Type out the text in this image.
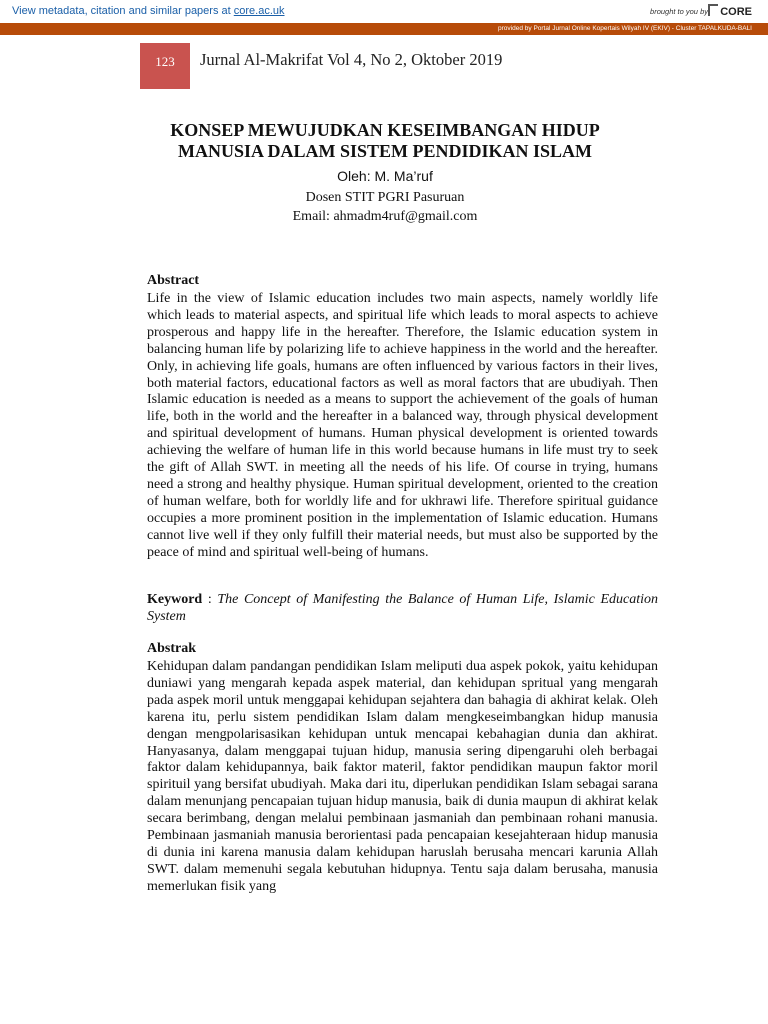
View metadata, citation and similar papers at core.ac.uk	brought to you by	CORE
provided by Portal Jurnal Online Kopertais Wilyah IV (EKIV) - Cluster TAPALKUDA-BALI
123	Jurnal Al-Makrifat Vol 4, No 2, Oktober 2019
KONSEP MEWUJUDKAN KESEIMBANGAN HIDUP
MANUSIA DALAM SISTEM PENDIDIKAN ISLAM
Oleh: M. Ma’ruf
Dosen STIT PGRI Pasuruan
Email: ahmadm4ruf@gmail.com
Abstract

Life in the view of Islamic education includes two main aspects, namely worldly life which leads to material aspects, and spiritual life which leads to moral aspects to achieve prosperous and happy life in the hereafter. Therefore, the Islamic education system in balancing human life by polarizing life to achieve happiness in the world and the hereafter. Only, in achieving life goals, humans are often influenced by various factors in their lives, both material factors, educational factors as well as moral factors that are ubudiyah. Then Islamic education is needed as a means to support the achievement of the goals of human life, both in the world and the hereafter in a balanced way, through physical development and spiritual development of humans. Human physical development is oriented towards achieving the welfare of human life in this world because humans in life must try to seek the gift of Allah SWT. in meeting all the needs of his life. Of course in trying, humans need a strong and healthy physique. Human spiritual development, oriented to the creation of human welfare, both for worldly life and for ukhrawi life. Therefore spiritual guidance occupies a more prominent position in the implementation of Islamic education. Humans cannot live well if they only fulfill their material needs, but must also be supported by the peace of mind and spiritual well-being of humans.

Keyword : The Concept of Manifesting the Balance of Human Life, Islamic Education System
Abstrak

Kehidupan dalam pandangan pendidikan Islam meliputi dua aspek pokok, yaitu kehidupan duniawi yang mengarah kepada aspek material, dan kehidupan spritual yang mengarah pada aspek moril untuk menggapai kehidupan sejahtera dan bahagia di akhirat kelak. Oleh karena itu, perlu sistem pendidikan Islam dalam mengkeseimbangkan hidup manusia dengan mengpolarisasikan kehidupan untuk mencapai kebahagian dunia dan akhirat. Hanyasanya, dalam menggapai tujuan hidup, manusia sering dipengaruhi oleh berbagai faktor dalam kehidupannya, baik faktor materil, faktor pendidikan maupun faktor moril spirituil yang bersifat ubudiyah. Maka dari itu, diperlukan pendidikan Islam sebagai sarana dalam menunjang pencapaian tujuan hidup manusia, baik di dunia maupun di akhirat kelak secara berimbang, dengan melalui pembinaan jasmaniah dan pembinaan rohani manusia. Pembinaan jasmaniah manusia berorientasi pada pencapaian kesejahteraan hidup manusia di dunia ini karena manusia dalam kehidupan haruslah berusaha mencari karunia Allah SWT. dalam memenuhi segala kebutuhan hidupnya. Tentu saja dalam berusaha, manusia memerlukan fisik yang
